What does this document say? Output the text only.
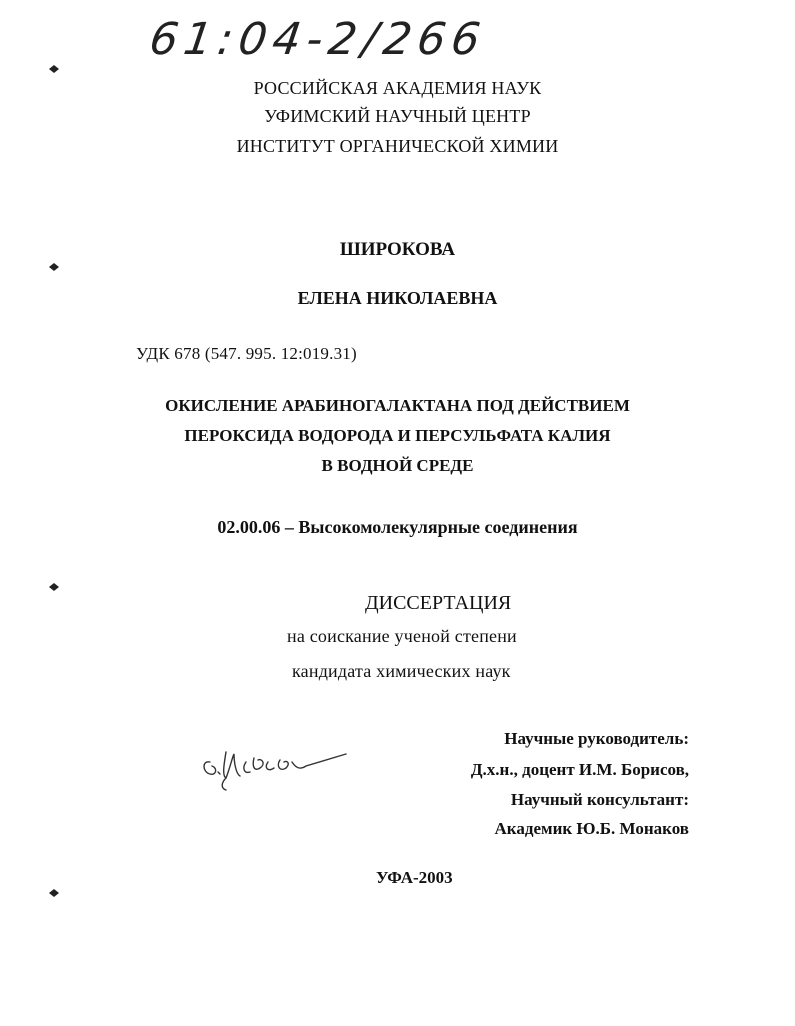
61:04-2/266
РОССИЙСКАЯ АКАДЕМИЯ НАУК
УФИМСКИЙ НАУЧНЫЙ ЦЕНТР
ИНСТИТУТ ОРГАНИЧЕСКОЙ ХИМИИ
ШИРОКОВА
ЕЛЕНА НИКОЛАЕВНА
УДК 678 (547. 995. 12:019.31)
ОКИСЛЕНИЕ АРАБИНОГАЛАКТАНА ПОД ДЕЙСТВИЕМ
ПЕРОКСИДА ВОДОРОДА И ПЕРСУЛЬФАТА КАЛИЯ
В ВОДНОЙ СРЕДЕ
02.00.06 – Высокомолекулярные соединения
ДИССЕРТАЦИЯ
на соискание ученой степени
кандидата химических наук
Научные руководитель:
Д.х.н., доцент И.М. Борисов,
Научный консультант:
Академик Ю.Б. Монаков
УФА-2003
